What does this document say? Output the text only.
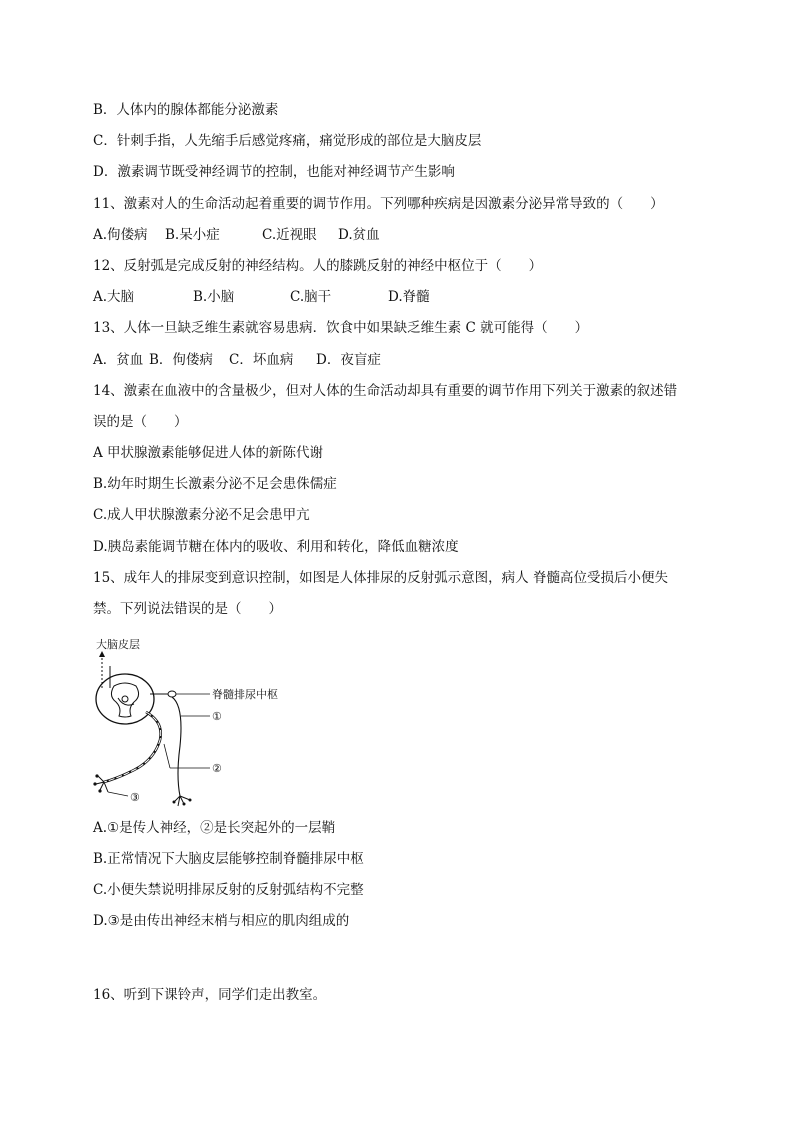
B．人体内的腺体都能分泌激素
C．针刺手指，人先缩手后感觉疼痛，痛觉形成的部位是大脑皮层
D．激素调节既受神经调节的控制，也能对神经调节产生影响
11、激素对人的生命活动起着重要的调节作用。下列哪种疾病是因激素分泌异常导致的（　　）
A.佝偻病	B.呆小症	C.近视眼	D.贫血
12、反射弧是完成反射的神经结构。人的膝跳反射的神经中枢位于（　　）
A.大脑	B.小脑	C.脑干	D.脊髓
13、人体一旦缺乏维生素就容易患病．饮食中如果缺乏维生素 C 就可能得（　　）
A．贫血 B．佝偻病	C．坏血病	D．夜盲症
14、激素在血液中的含量极少，但对人体的生命活动却具有重要的调节作用下列关于激素的叙述错
误的是（　　）
A 甲状腺激素能够促进人体的新陈代谢
B.幼年时期生长激素分泌不足会患侏儒症
C.成人甲状腺激素分泌不足会患甲亢
D.胰岛素能调节糖在体内的吸收、利用和转化，降低血糖浓度
15、成年人的排尿变到意识控制，如图是人体排尿的反射弧示意图，病人 脊髓高位受损后小便失
禁。下列说法错误的是（　　）
大脑皮层
脊髓排尿中枢
①
②
③
A.①是传人神经，②是长突起外的一层鞘
B.正常情况下大脑皮层能够控制脊髓排尿中枢
C.小便失禁说明排尿反射的反射弧结构不完整
D.③是由传出神经末梢与相应的肌肉组成的
16、听到下课铃声，同学们走出教室。
